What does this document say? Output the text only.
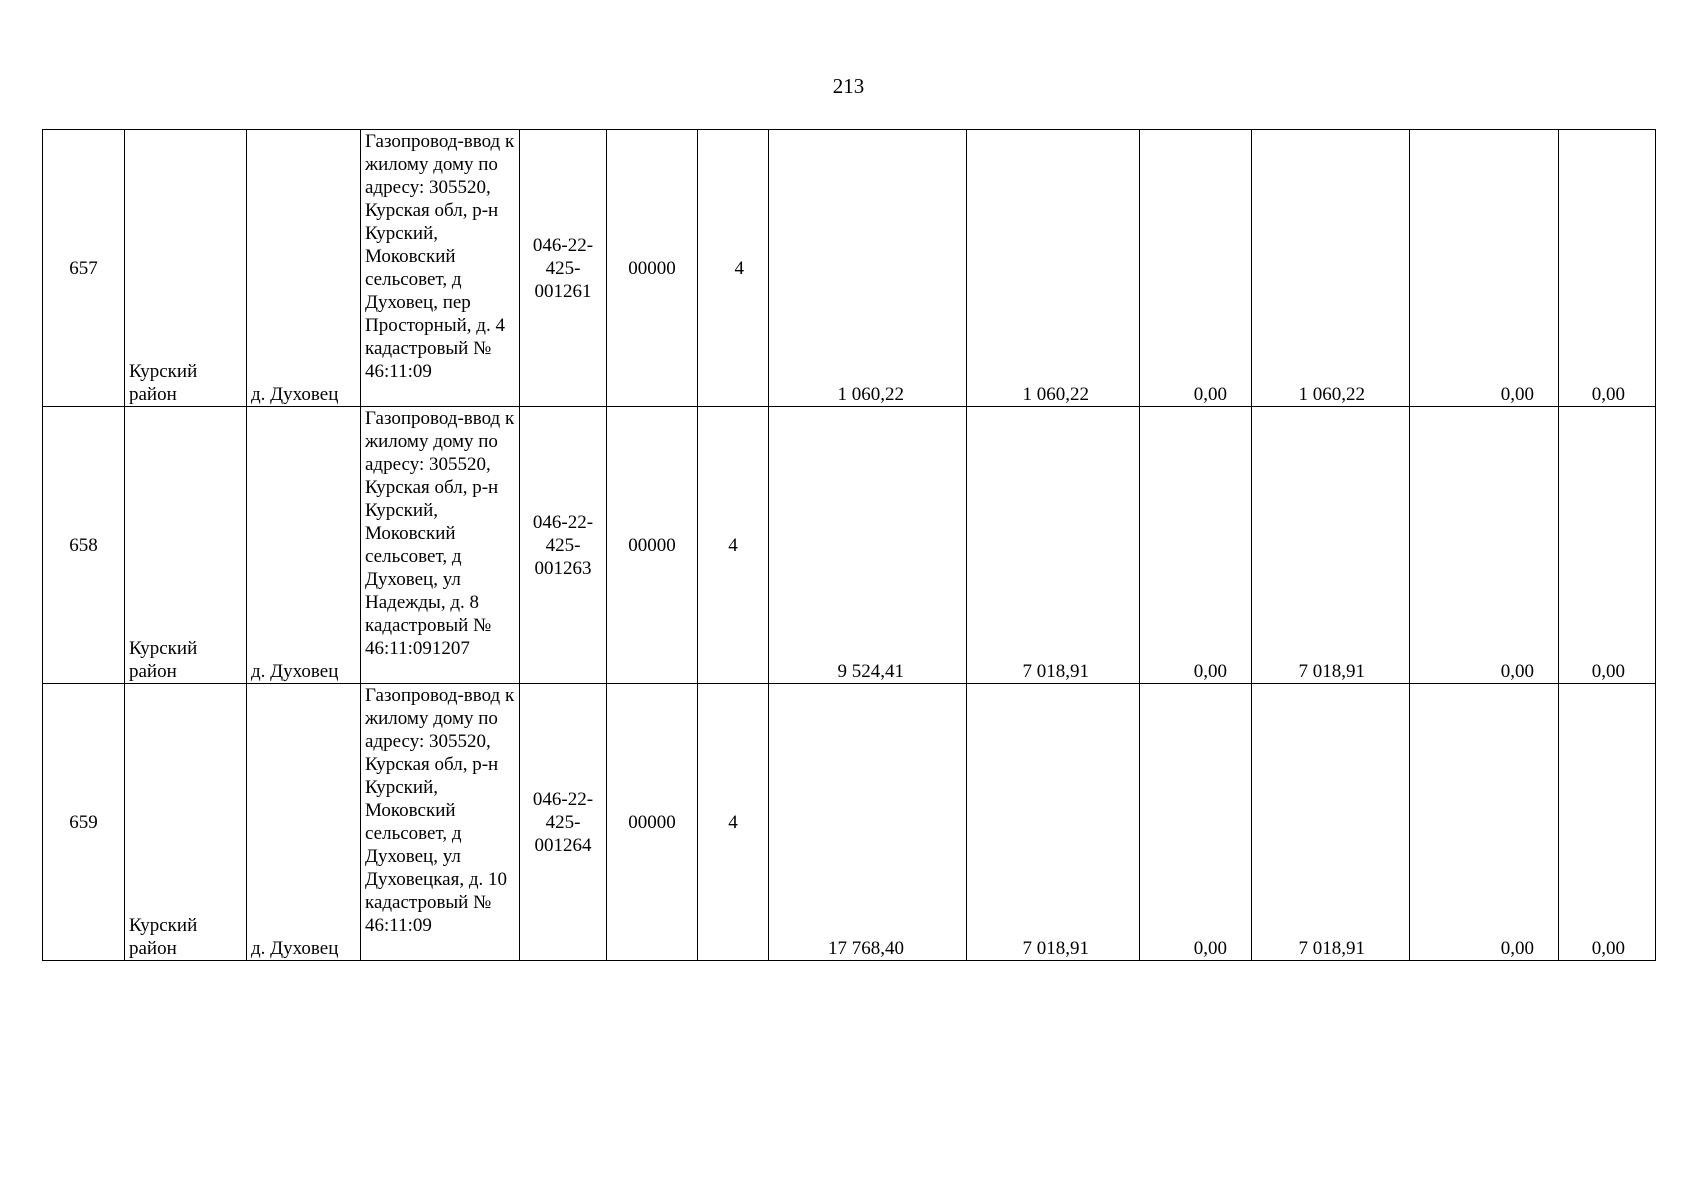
213
657	Курский район	д. Духовец	Газопровод-ввод к жилому дому по адресу: 305520, Курская обл, р-н Курский, Моковский сельсовет, д Духовец, пер Просторный, д. 4 кадастровый № 46:11:09	046-22-425-001261	00000	4	1 060,22	1 060,22	0,00	1 060,22	0,00	0,00
658	Курский район	д. Духовец	Газопровод-ввод к жилому дому по адресу: 305520, Курская обл, р-н Курский, Моковский сельсовет, д Духовец, ул Надежды, д. 8 кадастровый № 46:11:091207	046-22-425-001263	00000	4	9 524,41	7 018,91	0,00	7 018,91	0,00	0,00
659	Курский район	д. Духовец	Газопровод-ввод к жилому дому по адресу: 305520, Курская обл, р-н Курский, Моковский сельсовет, д Духовец, ул Духовецкая, д. 10 кадастровый № 46:11:09	046-22-425-001264	00000	4	17 768,40	7 018,91	0,00	7 018,91	0,00	0,00
